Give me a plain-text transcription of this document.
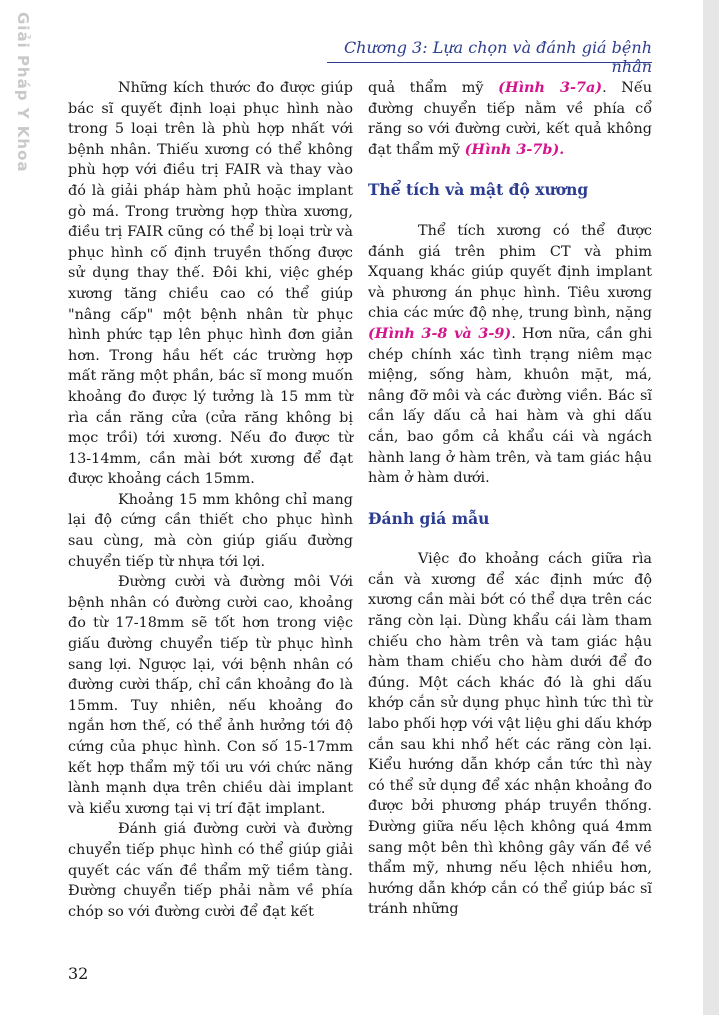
Giải Pháp Y Khoa	Chương 3: Lựa chọn và đánh giá bệnh nhân

Những kích thước đo được giúp bác sĩ quyết định loại phục hình nào trong 5 loại trên là phù hợp nhất với bệnh nhân. Thiếu xương có thể không phù hợp với điều trị FAIR và thay vào đó là giải pháp hàm phủ hoặc implant gò má. Trong trường hợp thừa xương, điều trị FAIR cũng có thể bị loại trừ và phục hình cố định truyền thống được sử dụng thay thế. Đôi khi, việc ghép xương tăng chiều cao có thể giúp "nâng cấp" một bệnh nhân từ phục hình phức tạp lên phục hình đơn giản hơn. Trong hầu hết các trường hợp mất răng một phần, bác sĩ mong muốn khoảng đo được lý tưởng là 15 mm từ rìa cắn răng cửa (cửa răng không bị mọc trồi) tới xương. Nếu đo được từ 13-14mm, cần mài bớt xương để đạt được khoảng cách 15mm.

Khoảng 15 mm không chỉ mang lại độ cứng cần thiết cho phục hình sau cùng, mà còn giúp giấu đường chuyển tiếp từ nhựa tới lợi.

Đường cười và đường môi Với bệnh nhân có đường cười cao, khoảng đo từ 17-18mm sẽ tốt hơn trong việc giấu đường chuyển tiếp từ phục hình sang lợi. Ngược lại, với bệnh nhân có đường cười thấp, chỉ cần khoảng đo là 15mm. Tuy nhiên, nếu khoảng đo ngắn hơn thế, có thể ảnh hưởng tới độ cứng của phục hình. Con số 15-17mm kết hợp thẩm mỹ tối ưu với chức năng lành mạnh dựa trên chiều dài implant và kiểu xương tại vị trí đặt implant.

Đánh giá đường cười và đường chuyển tiếp phục hình có thể giúp giải quyết các vấn đề thẩm mỹ tiềm tàng. Đường chuyển tiếp phải nằm về phía chóp so với đường cười để đạt kết

quả thẩm mỹ (Hình 3-7a). Nếu đường chuyển tiếp nằm về phía cổ răng so với đường cười, kết quả không đạt thẩm mỹ (Hình 3-7b).

Thể tích và mật độ xương

Thể tích xương có thể được đánh giá trên phim CT và phim Xquang khác giúp quyết định implant và phương án phục hình. Tiêu xương chia các mức độ nhẹ, trung bình, nặng (Hình 3-8 và 3-9). Hơn nữa, cần ghi chép chính xác tình trạng niêm mạc miệng, sống hàm, khuôn mặt, má, nâng đỡ môi và các đường viền. Bác sĩ cần lấy dấu cả hai hàm và ghi dấu cắn, bao gồm cả khẩu cái và ngách hành lang ở hàm trên, và tam giác hậu hàm ở hàm dưới.

Đánh giá mẫu

Việc đo khoảng cách giữa rìa cắn và xương để xác định mức độ xương cần mài bớt có thể dựa trên các răng còn lại. Dùng khẩu cái làm tham chiếu cho hàm trên và tam giác hậu hàm tham chiếu cho hàm dưới để đo đúng. Một cách khác đó là ghi dấu khớp cắn sử dụng phục hình tức thì từ labo phối hợp với vật liệu ghi dấu khớp cắn sau khi nhổ hết các răng còn lại. Kiểu hướng dẫn khớp cắn tức thì này có thể sử dụng để xác nhận khoảng đo được bởi phương pháp truyền thống. Đường giữa nếu lệch không quá 4mm sang một bên thì không gây vấn đề về thẩm mỹ, nhưng nếu lệch nhiều hơn, hướng dẫn khớp cắn có thể giúp bác sĩ tránh những

32
